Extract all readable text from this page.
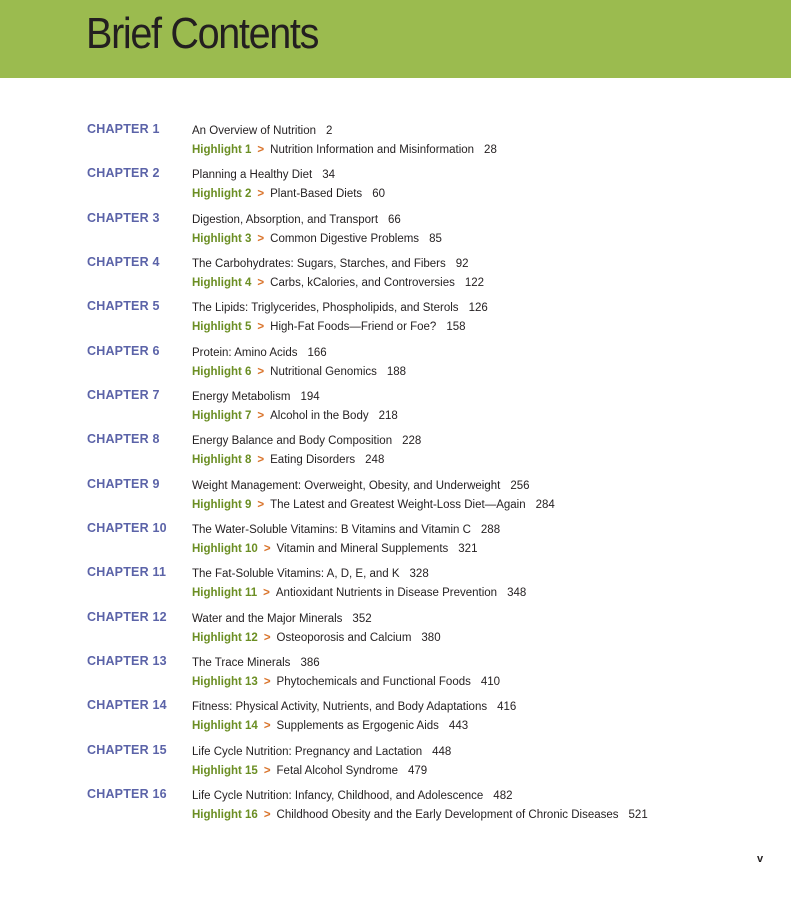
Brief Contents
CHAPTER 1	An Overview of Nutrition 2
Highlight 1 > Nutrition Information and Misinformation 28
CHAPTER 2	Planning a Healthy Diet 34
Highlight 2 > Plant-Based Diets 60
CHAPTER 3	Digestion, Absorption, and Transport 66
Highlight 3 > Common Digestive Problems 85
CHAPTER 4	The Carbohydrates: Sugars, Starches, and Fibers 92
Highlight 4 > Carbs, kCalories, and Controversies 122
CHAPTER 5	The Lipids: Triglycerides, Phospholipids, and Sterols 126
Highlight 5 > High-Fat Foods—Friend or Foe? 158
CHAPTER 6	Protein: Amino Acids 166
Highlight 6 > Nutritional Genomics 188
CHAPTER 7	Energy Metabolism 194
Highlight 7 > Alcohol in the Body 218
CHAPTER 8	Energy Balance and Body Composition 228
Highlight 8 > Eating Disorders 248
CHAPTER 9	Weight Management: Overweight, Obesity, and Underweight 256
Highlight 9 > The Latest and Greatest Weight-Loss Diet—Again 284
CHAPTER 10 The Water-Soluble Vitamins: B Vitamins and Vitamin C 288
Highlight 10 > Vitamin and Mineral Supplements 321
CHAPTER 11 The Fat-Soluble Vitamins: A, D, E, and K 328
Highlight 11 > Antioxidant Nutrients in Disease Prevention 348
CHAPTER 12 Water and the Major Minerals 352
Highlight 12 > Osteoporosis and Calcium 380
CHAPTER 13 The Trace Minerals 386
Highlight 13 > Phytochemicals and Functional Foods 410
CHAPTER 14 Fitness: Physical Activity, Nutrients, and Body Adaptations 416
Highlight 14 > Supplements as Ergogenic Aids 443
CHAPTER 15 Life Cycle Nutrition: Pregnancy and Lactation 448
Highlight 15 > Fetal Alcohol Syndrome 479
CHAPTER 16 Life Cycle Nutrition: Infancy, Childhood, and Adolescence 482
Highlight 16 > Childhood Obesity and the Early Development of Chronic Diseases 521
v
